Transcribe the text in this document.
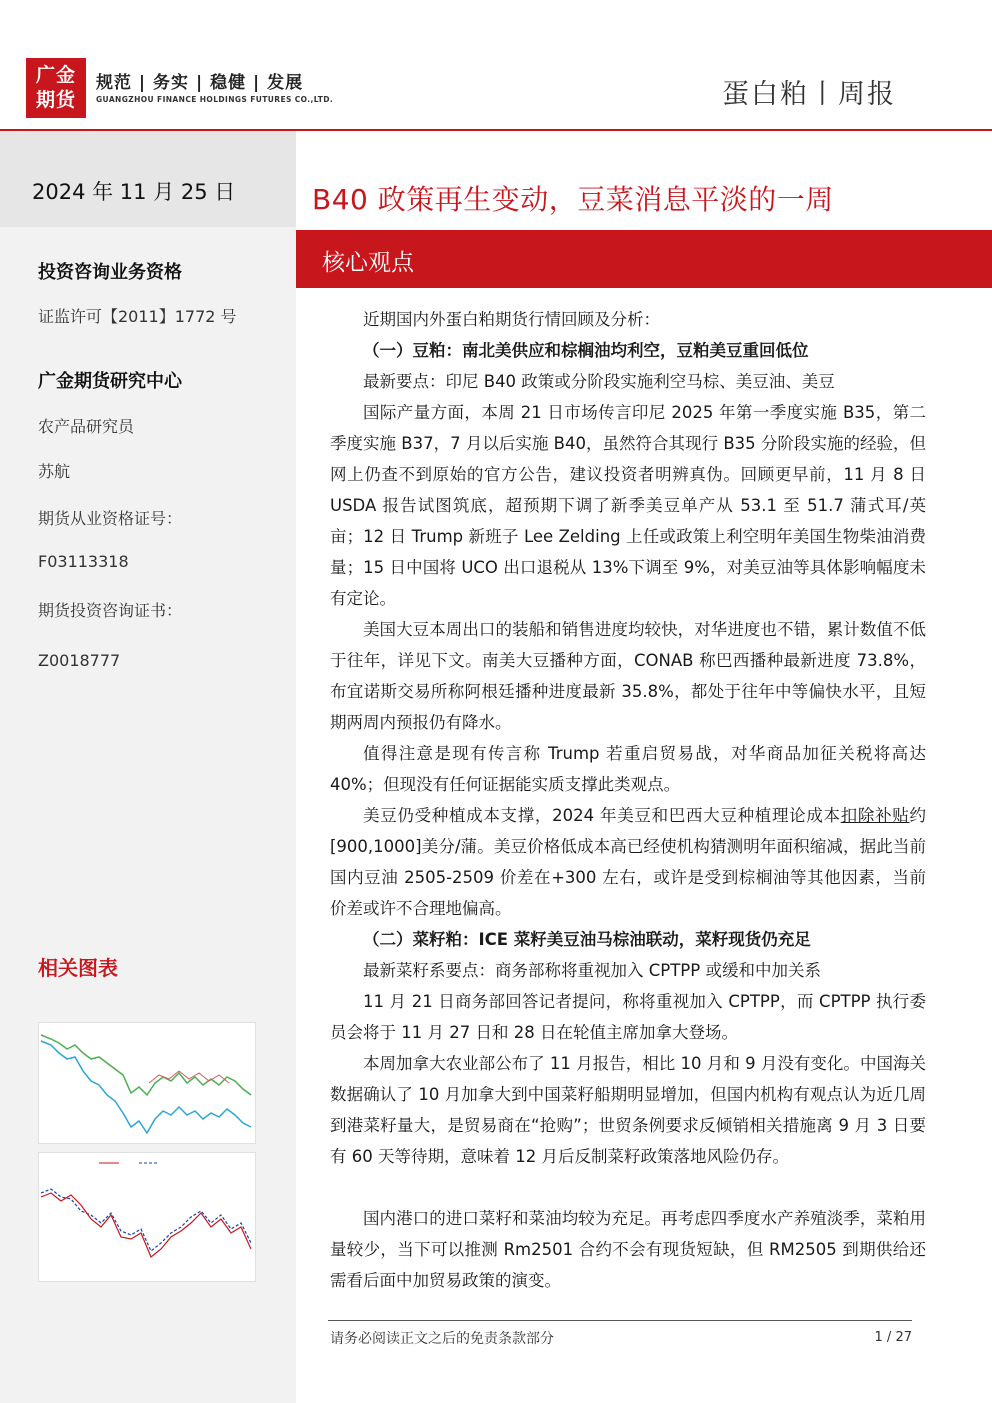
广金
期货
规范 | 务实 | 稳健 | 发展
GUANGZHOU FINANCE HOLDINGS FUTURES CO.,LTD.	蛋白粕丨周报
2024 年 11 月 25 日
投资咨询业务资格
证监许可【2011】1772 号
广金期货研究中心
农产品研究员
苏航
期货从业资格证号：
F03113318
期货投资咨询证书：
Z0018777
相关图表
B40 政策再生变动，豆菜消息平淡的一周
核心观点
近期国内外蛋白粕期货行情回顾及分析：
（一）豆粕：南北美供应和棕榈油均利空，豆粕美豆重回低位
最新要点：印尼 B40 政策或分阶段实施利空马棕、美豆油、美豆
国际产量方面，本周 21 日市场传言印尼 2025 年第一季度实施 B35，第二季度实施 B37，7 月以后实施 B40，虽然符合其现行 B35 分阶段实施的经验，但网上仍查不到原始的官方公告，建议投资者明辨真伪。回顾更早前，11 月 8 日 USDA 报告试图筑底，超预期下调了新季美豆单产从 53.1 至 51.7 蒲式耳/英亩；12 日 Trump 新班子 Lee Zelding 上任或政策上利空明年美国生物柴油消费量；15 日中国将 UCO 出口退税从 13%下调至 9%，对美豆油等具体影响幅度未有定论。
美国大豆本周出口的装船和销售进度均较快，对华进度也不错，累计数值不低于往年，详见下文。南美大豆播种方面，CONAB 称巴西播种最新进度 73.8%，布宜诺斯交易所称阿根廷播种进度最新 35.8%，都处于往年中等偏快水平，且短期两周内预报仍有降水。
值得注意是现有传言称 Trump 若重启贸易战，对华商品加征关税将高达 40%；但现没有任何证据能实质支撑此类观点。
美豆仍受种植成本支撑，2024 年美豆和巴西大豆种植理论成本扣除补贴约[900,1000]美分/蒲。美豆价格低成本高已经使机构猜测明年面积缩减，据此当前国内豆油 2505-2509 价差在+300 左右，或许是受到棕榈油等其他因素，当前价差或许不合理地偏高。
（二）菜籽粕：ICE 菜籽美豆油马棕油联动，菜籽现货仍充足
最新菜籽系要点：商务部称将重视加入 CPTPP 或缓和中加关系
11 月 21 日商务部回答记者提问，称将重视加入 CPTPP，而 CPTPP 执行委员会将于 11 月 27 日和 28 日在轮值主席加拿大登场。
本周加拿大农业部公布了 11 月报告，相比 10 月和 9 月没有变化。中国海关数据确认了 10 月加拿大到中国菜籽船期明显增加，但国内机构有观点认为近几周到港菜籽量大，是贸易商在“抢购”；世贸条例要求反倾销相关措施离 9 月 3 日要有 60 天等待期，意味着 12 月后反制菜籽政策落地风险仍存。
国内港口的进口菜籽和菜油均较为充足。再考虑四季度水产养殖淡季，菜粕用量较少，当下可以推测 Rm2501 合约不会有现货短缺，但 RM2505 到期供给还需看后面中加贸易政策的演变。
请务必阅读正文之后的免责条款部分	1 / 27
